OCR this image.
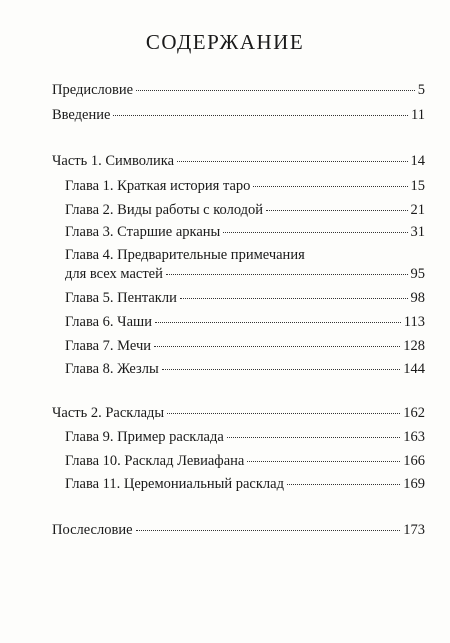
СОДЕРЖАНИЕ
Предисловие	5
Введение	11
Часть 1. Символика	14
Глава 1. Краткая история таро	15
Глава 2. Виды работы с колодой	21
Глава 3. Старшие арканы	31
Глава 4. Предварительные примечания
для всех мастей	95
Глава 5. Пентакли	98
Глава 6. Чаши	113
Глава 7. Мечи	128
Глава 8. Жезлы	144
Часть 2. Расклады	162
Глава 9. Пример расклада	163
Глава 10. Расклад Левиафана	166
Глава 11. Церемониальный расклад	169
Послесловие	173
